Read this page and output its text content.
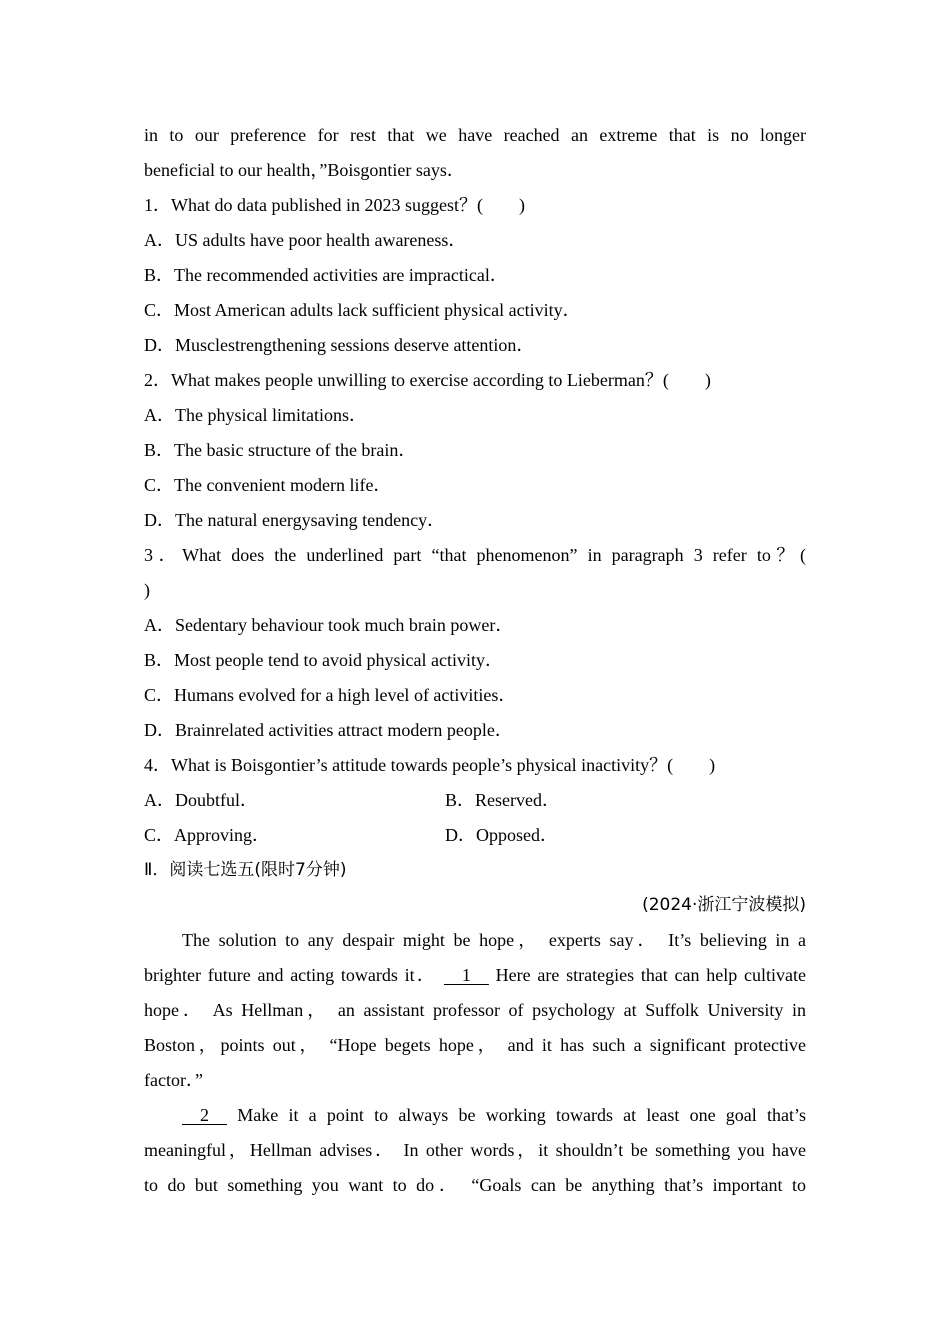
in to our preference for rest that we have reached an extreme that is no longer
beneficial to our health，”Boisgontier says．
1．What do data published in 2023 suggest？(　　)
A．US adults have poor health awareness．
B．The recommended activities are impractical．
C．Most American adults lack sufficient physical activity．
D．Musclestrengthening sessions deserve attention．
2．What makes people unwilling to exercise according to Lieberman？(　　)
A．The physical limitations．
B．The basic structure of the brain．
C．The convenient modern life．
D．The natural energysaving tendency．
3．What does the underlined part “that phenomenon” in paragraph 3 refer to？(
)
A．Sedentary behaviour took much brain power．
B．Most people tend to avoid physical activity．
C．Humans evolved for a high level of activities．
D．Brainrelated activities attract modern people．
4．What is Boisgontier’s attitude towards people’s physical inactivity？(　　)
A．Doubtful．	B．Reserved．
C．Approving．	D．Opposed．
Ⅱ．阅读七选五(限时7分钟)
(2024·浙江宁波模拟)
The solution to any despair might be hope， experts say． It’s believing in a
brighter future and acting towards it． 　1　 Here are strategies that can help cultivate
hope． As Hellman， an assistant professor of psychology at Suffolk University in
Boston，points out， “Hope begets hope， and it has such a significant protective
factor．”
　2　 Make it a point to always be working towards at least one goal that’s
meaningful，Hellman advises． In other words，it shouldn’t be something you have
to do but something you want to do． “Goals can be anything that’s important to
